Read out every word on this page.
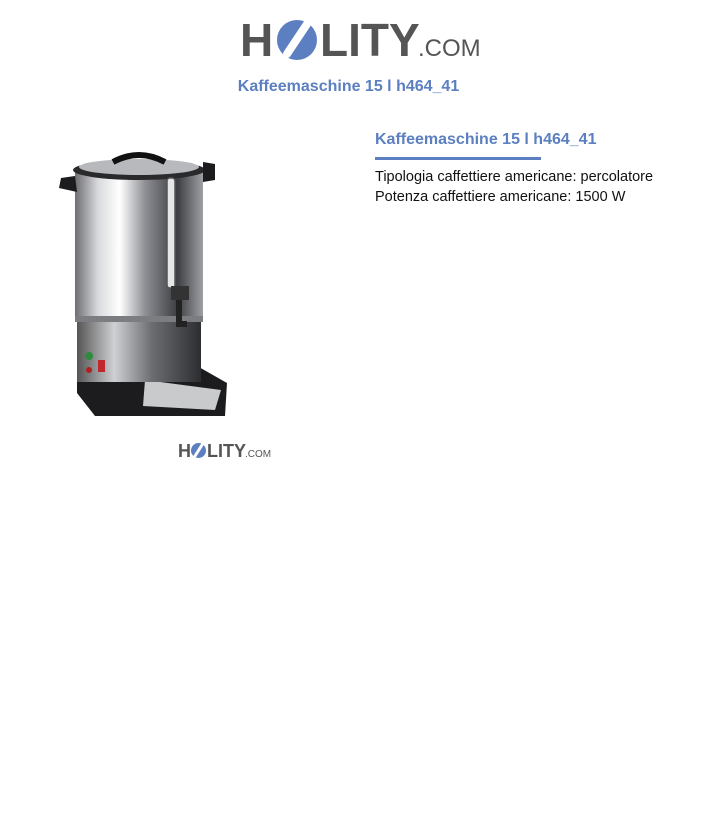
H LITY
.COM
Kaffeemaschine 15 l h464_41
H LITY .COM
Kaffeemaschine 15 l h464_41
Tipologia caffettiere americane: percolatore
Potenza caffettiere americane: 1500 W
